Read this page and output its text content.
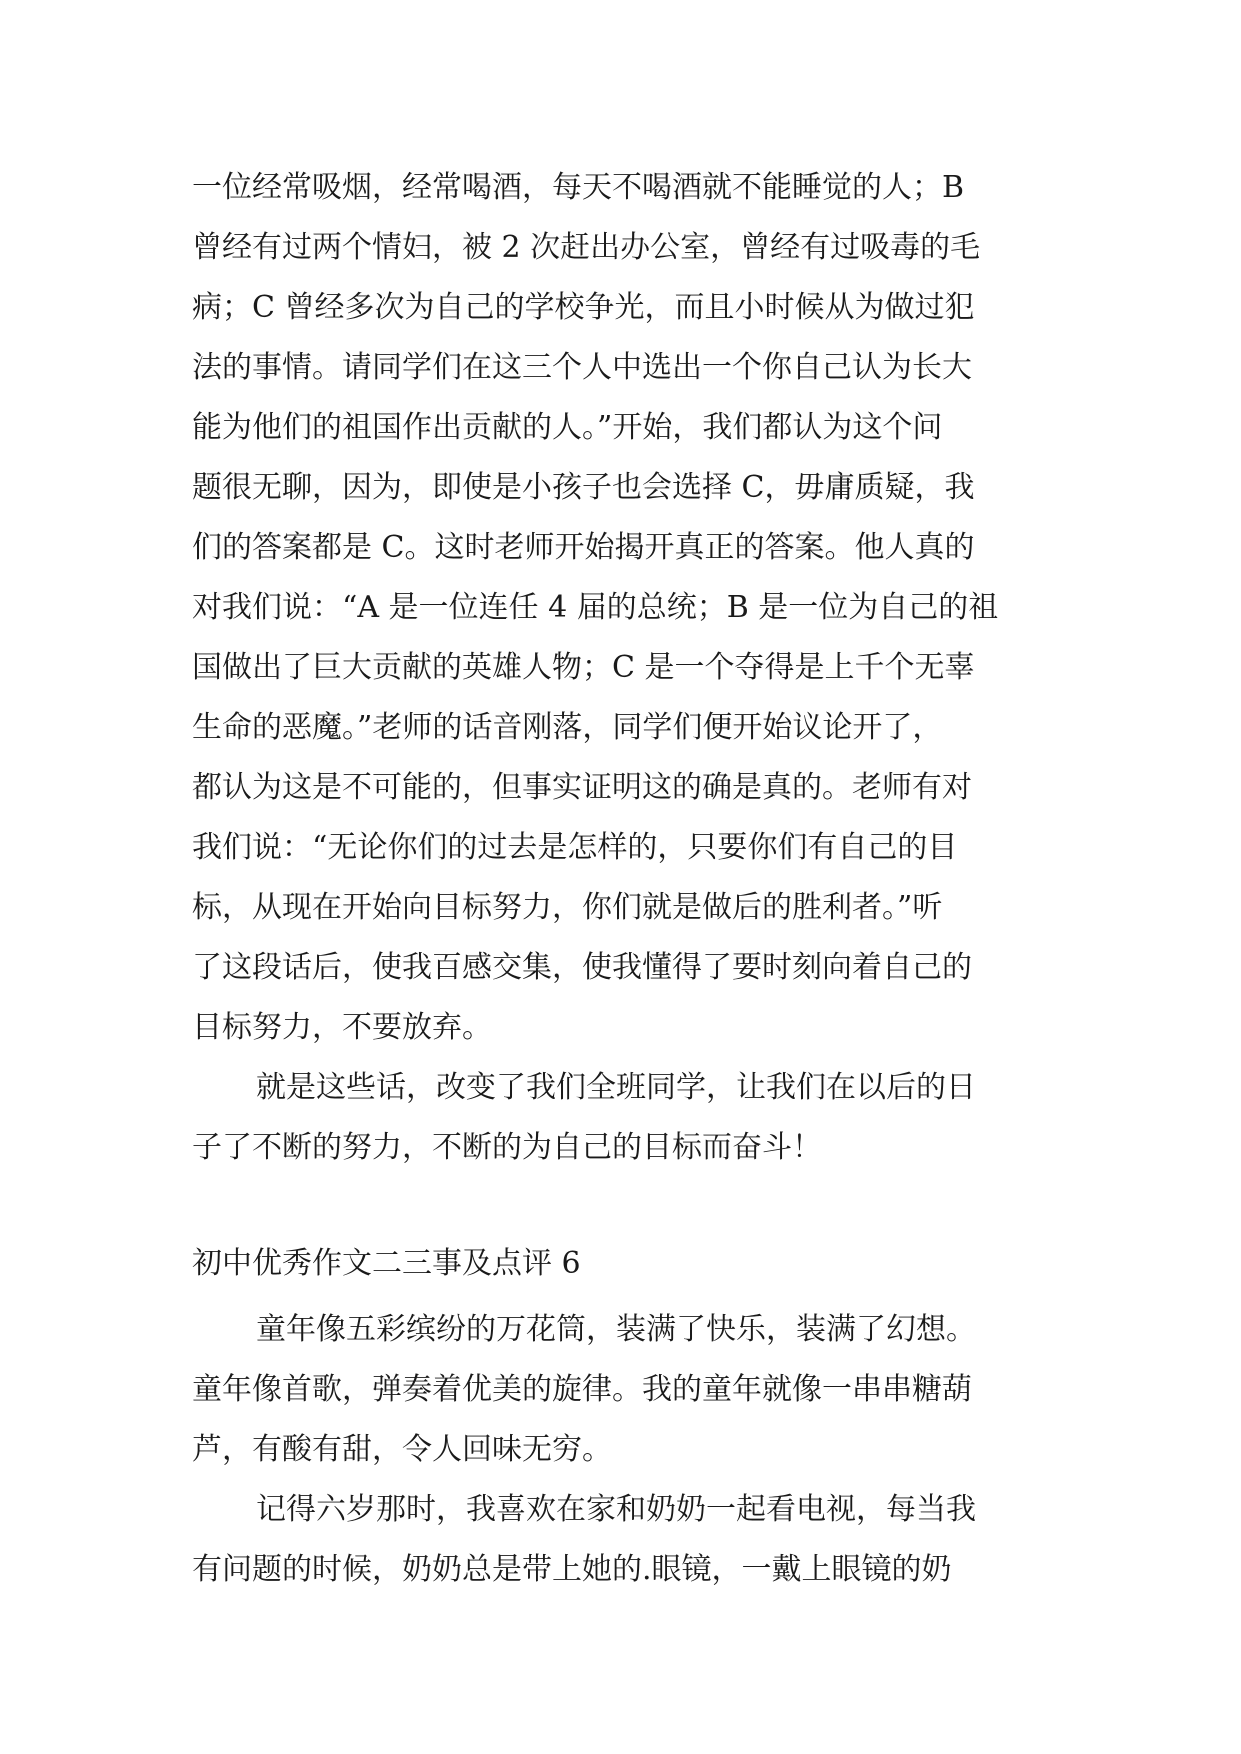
一位经常吸烟，经常喝酒，每天不喝酒就不能睡觉的人；B
曾经有过两个情妇，被 2 次赶出办公室，曾经有过吸毒的毛
病；C 曾经多次为自己的学校争光，而且小时候从为做过犯
法的事情。请同学们在这三个人中选出一个你自己认为长大
能为他们的祖国作出贡献的人。”开始，我们都认为这个问
题很无聊，因为，即使是小孩子也会选择 C，毋庸质疑，我
们的答案都是 C。这时老师开始揭开真正的答案。他人真的
对我们说：“A 是一位连任 4 届的总统；B 是一位为自己的祖
国做出了巨大贡献的英雄人物；C 是一个夺得是上千个无辜
生命的恶魔。”老师的话音刚落，同学们便开始议论开了，
都认为这是不可能的，但事实证明这的确是真的。老师有对
我们说：“无论你们的过去是怎样的，只要你们有自己的目
标，从现在开始向目标努力，你们就是做后的胜利者。”听
了这段话后，使我百感交集，使我懂得了要时刻向着自己的
目标努力，不要放弃。
就是这些话，改变了我们全班同学，让我们在以后的日
子了不断的努力，不断的为自己的目标而奋斗！
初中优秀作文二三事及点评 6
童年像五彩缤纷的万花筒，装满了快乐，装满了幻想。
童年像首歌，弹奏着优美的旋律。我的童年就像一串串糖葫
芦，有酸有甜，令人回味无穷。
记得六岁那时，我喜欢在家和奶奶一起看电视，每当我
有问题的时候，奶奶总是带上她的.眼镜，一戴上眼镜的奶
